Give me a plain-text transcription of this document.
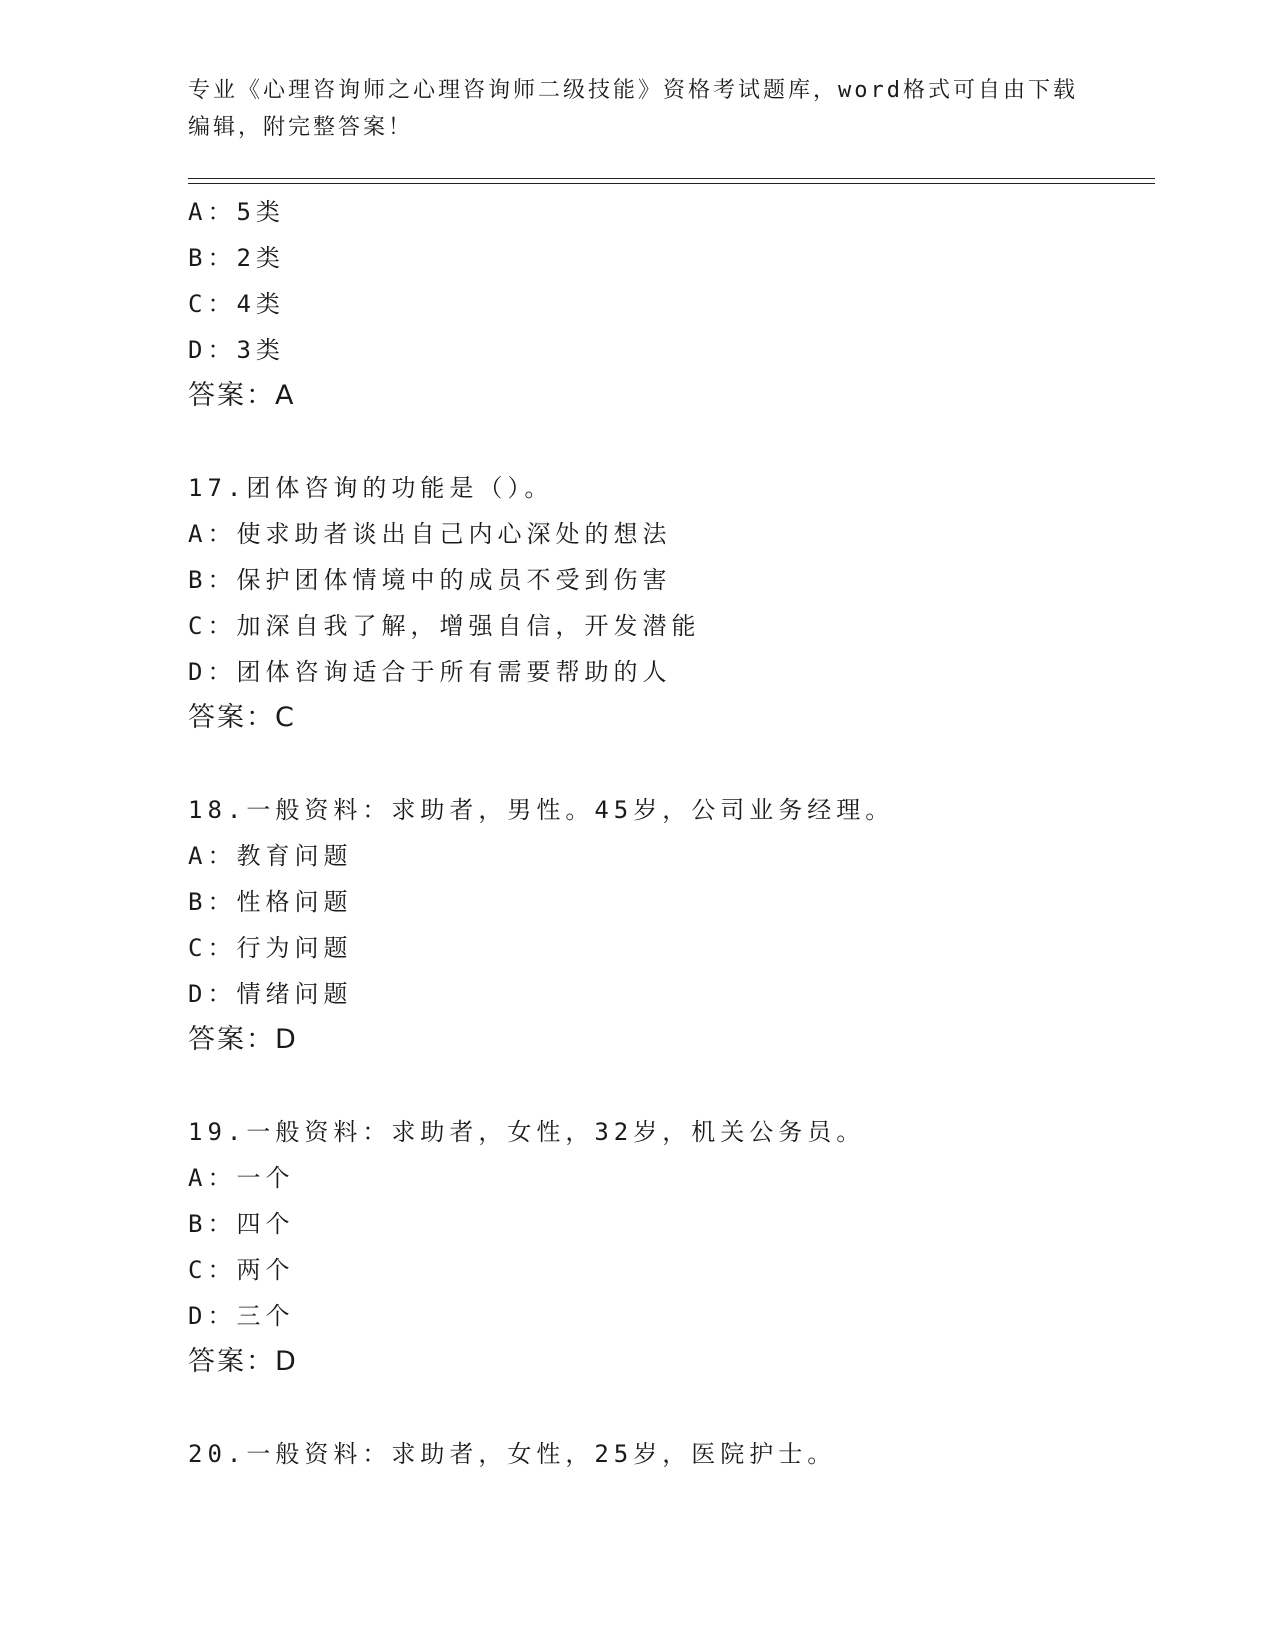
专业《心理咨询师之心理咨询师二级技能》资格考试题库，word格式可自由下载
编辑，附完整答案！
A：5类
B：2类
C：4类
D：3类
答案：A
17.团体咨询的功能是（）。
A：使求助者谈出自己内心深处的想法
B：保护团体情境中的成员不受到伤害
C：加深自我了解，增强自信，开发潜能
D：团体咨询适合于所有需要帮助的人
答案：C
18.一般资料：求助者，男性。45岁，公司业务经理。
A：教育问题
B：性格问题
C：行为问题
D：情绪问题
答案：D
19.一般资料：求助者，女性，32岁，机关公务员。
A：一个
B：四个
C：两个
D：三个
答案：D
20.一般资料：求助者，女性，25岁，医院护士。
